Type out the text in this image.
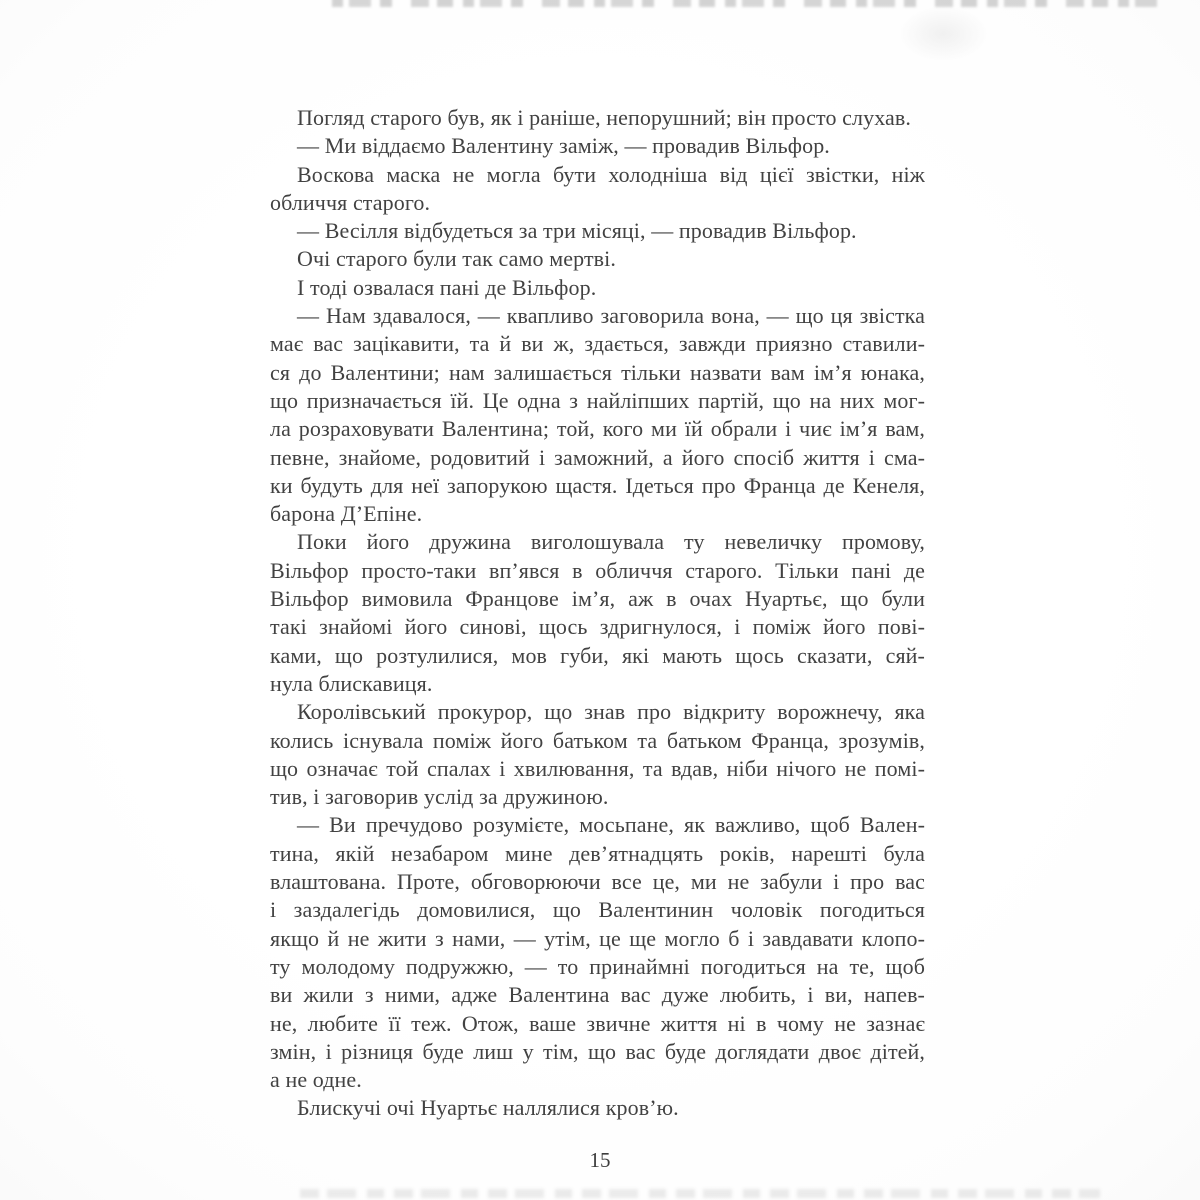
Погляд старого був, як і раніше, непорушний; він просто слухав.
— Ми віддаємо Валентину заміж, — провадив Вільфор.
Воскова маска не могла бути холодніша від цієї звістки, ніж
обличчя старого.
— Весілля відбудеться за три місяці, — провадив Вільфор.
Очі старого були так само мертві.
І тоді озвалася пані де Вільфор.
— Нам здавалося, — квапливо заговорила вона, — що ця звістка
має вас зацікавити, та й ви ж, здається, завжди приязно ставили-
ся до Валентини; нам залишається тільки назвати вам ім’я юнака,
що призначається їй. Це одна з найліпших партій, що на них мог-
ла розраховувати Валентина; той, кого ми їй обрали і чиє ім’я вам,
певне, знайоме, родовитий і заможний, а його спосіб життя і сма-
ки будуть для неї запорукою щастя. Ідеться про Франца де Кенеля,
барона Д’Епіне.
Поки його дружина виголошувала ту невеличку промову,
Вільфор просто-таки вп’явся в обличчя старого. Тільки пані де
Вільфор вимовила Францове ім’я, аж в очах Нуартьє, що були
такі знайомі його синові, щось здригнулося, і поміж його пові-
ками, що розтулилися, мов губи, які мають щось сказати, сяй-
нула блискавиця.
Королівський прокурор, що знав про відкриту ворожнечу, яка
колись існувала поміж його батьком та батьком Франца, зрозумів,
що означає той спалах і хвилювання, та вдав, ніби нічого не помі-
тив, і заговорив услід за дружиною.
— Ви пречудово розумієте, мосьпане, як важливо, щоб Вален-
тина, якій незабаром мине дев’ятнадцять років, нарешті була
влаштована. Проте, обговорюючи все це, ми не забули і про вас
і заздалегідь домовилися, що Валентинин чоловік погодиться
якщо й не жити з нами, — утім, це ще могло б і завдавати клопо-
ту молодому подружжю, — то принаймні погодиться на те, щоб
ви жили з ними, адже Валентина вас дуже любить, і ви, напев-
не, любите її теж. Отож, ваше звичне життя ні в чому не зазнає
змін, і різниця буде лиш у тім, що вас буде доглядати двоє дітей,
а не одне.
Блискучі очі Нуартьє наллялися кров’ю.
15
